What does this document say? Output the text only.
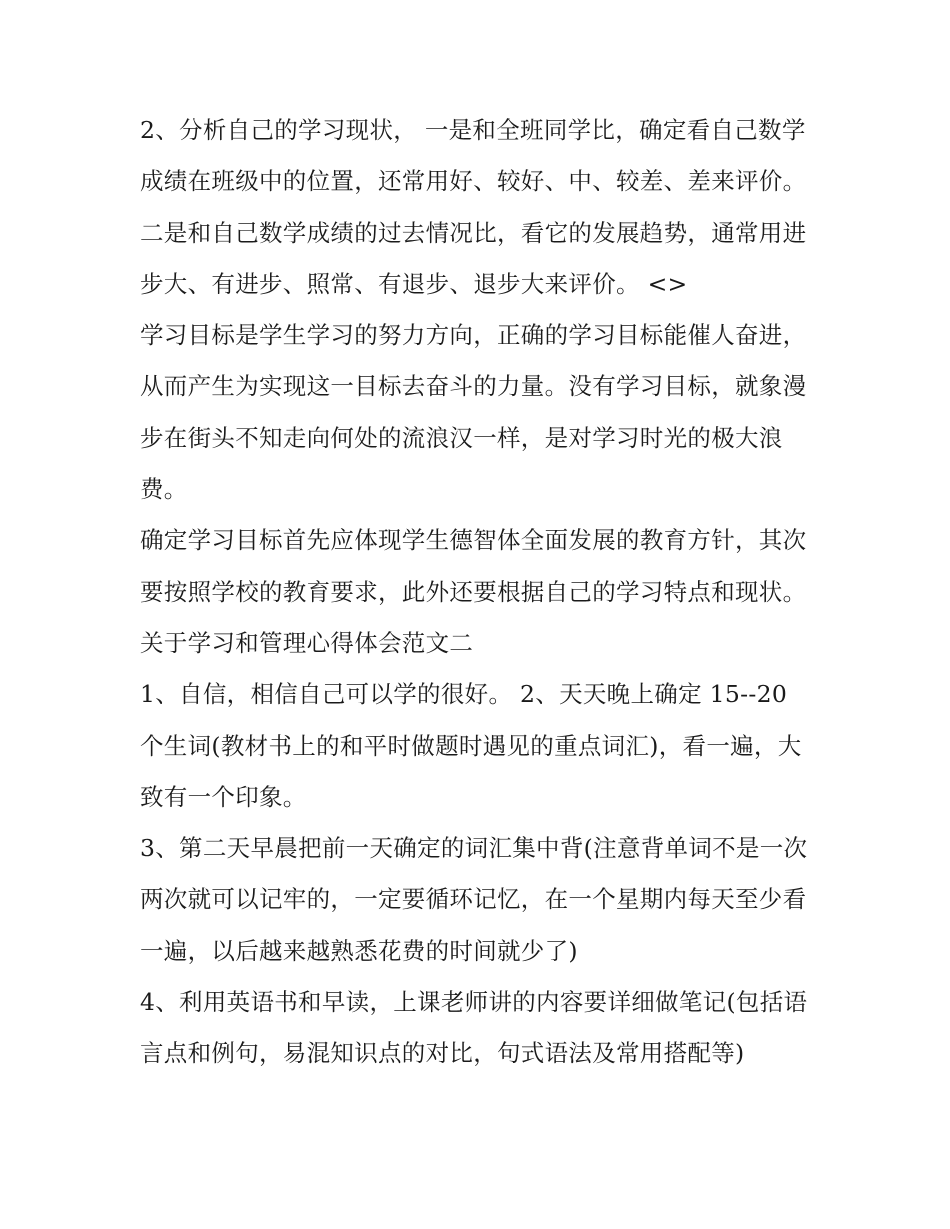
2、分析自己的学习现状， 一是和全班同学比，确定看自己数学成绩在班级中的位置，还常用好、较好、中、较差、差来评价。

二是和自己数学成绩的过去情况比，看它的发展趋势，通常用进步大、有进步、照常、有退步、退步大来评价。 <>

学习目标是学生学习的努力方向，正确的学习目标能催人奋进，从而产生为实现这一目标去奋斗的力量。没有学习目标，就象漫步在街头不知走向何处的流浪汉一样，是对学习时光的极大浪费。

确定学习目标首先应体现学生德智体全面发展的教育方针，其次要按照学校的教育要求，此外还要根据自己的学习特点和现状。 关于学习和管理心得体会范文二

1、自信，相信自己可以学的很好。 2、天天晚上确定 15--20 个生词(教材书上的和平时做题时遇见的重点词汇)，看一遍，大致有一个印象。

3、第二天早晨把前一天确定的词汇集中背(注意背单词不是一次两次就可以记牢的，一定要循环记忆，在一个星期内每天至少看一遍，以后越来越熟悉花费的时间就少了)

4、利用英语书和早读，上课老师讲的内容要详细做笔记(包括语言点和例句，易混知识点的对比，句式语法及常用搭配等)
